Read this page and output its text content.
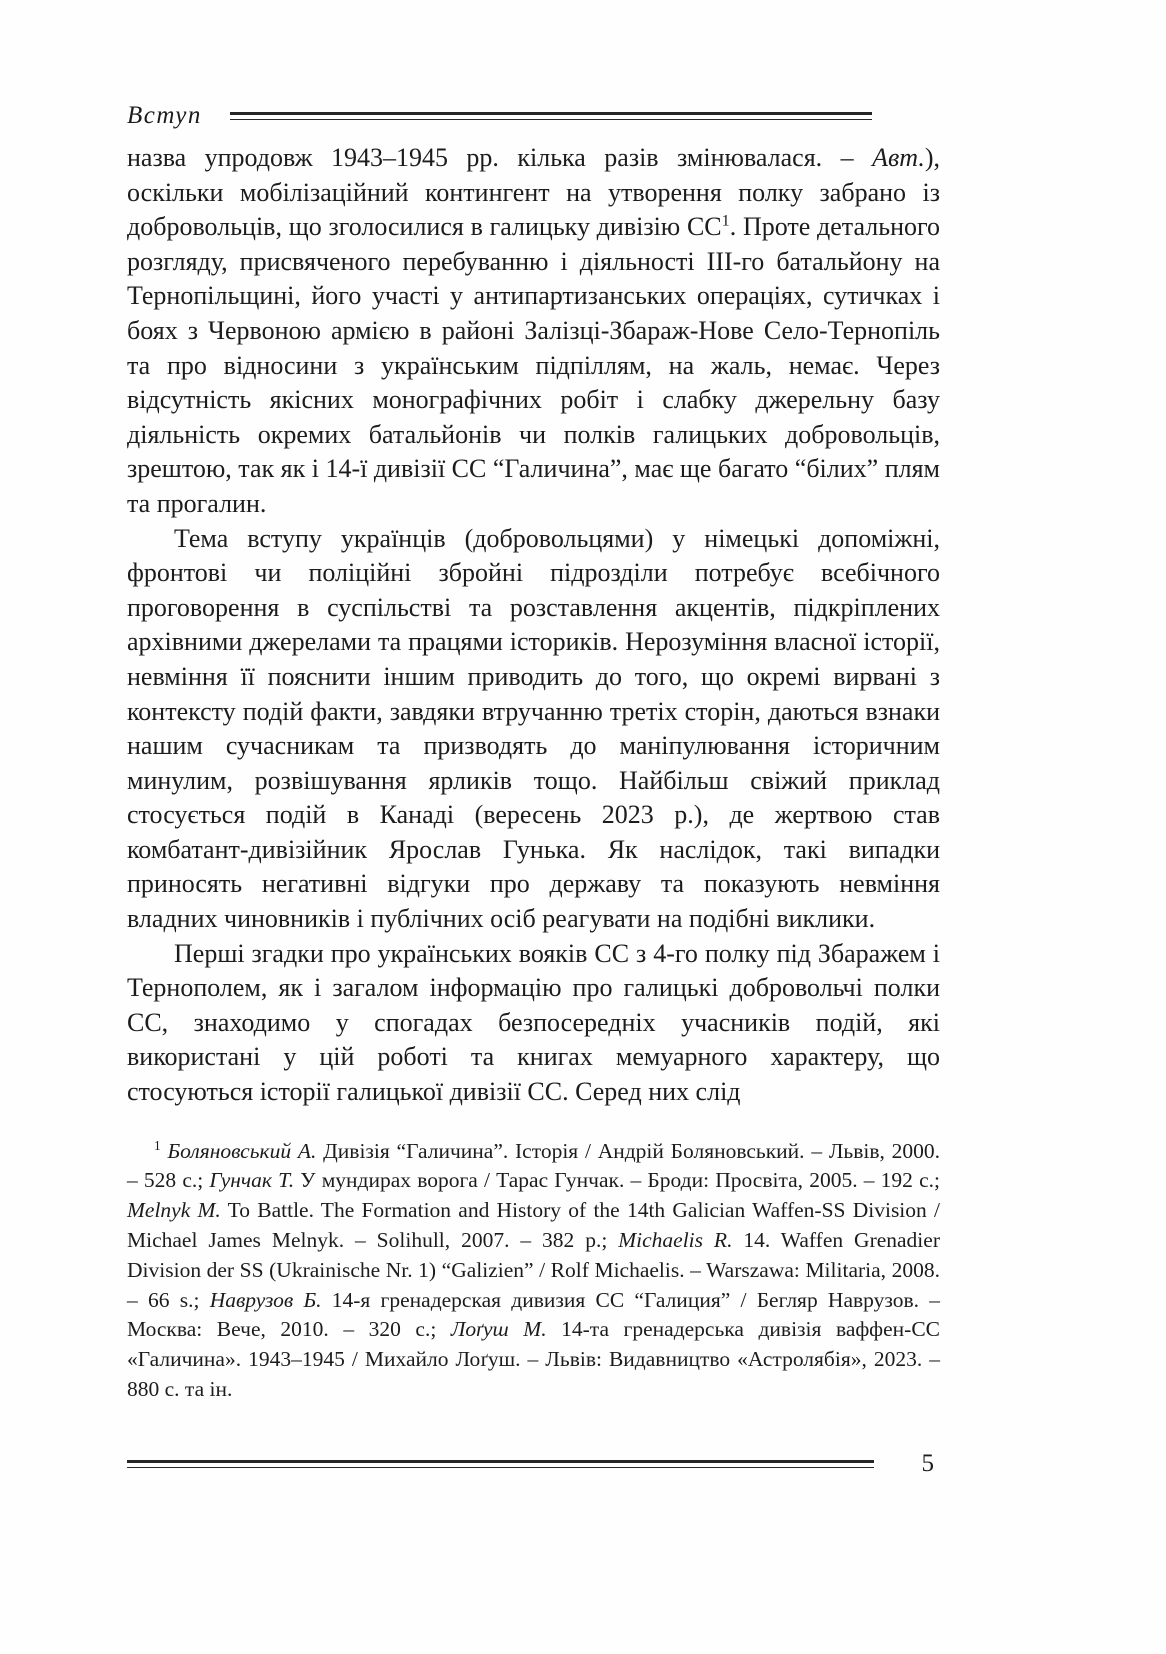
Вступ

назва упродовж 1943–1945 рр. кілька разів змінювалася. – Авт.), оскільки мобілізаційний контингент на утворення полку забрано із добровольців, що зголосилися в галицьку дивізію $СС^1$. Проте детального розгляду, присвяченого перебуванню і діяльності ІІІ-го батальйону на Тернопільщині, його участі у антипартизанських операціях, сутичках і боях з Червоною армією в районі Залізці-Збараж-Нове Село-Тернопіль та про відносини з українським підпіллям, на жаль, немає. Через відсутність якісних монографічних робіт і слабку джерельну базу діяльність окремих батальйонів чи полків галицьких добровольців, зрештою, так як і 14-ї дивізії СС “Галичина”, має ще багато “білих” плям та прогалин.

Тема вступу українців (добровольцями) у німецькі допоміжні, фронтові чи поліційні збройні підрозділи потребує всебічного проговорення в суспільстві та розставлення акцентів, підкріплених архівними джерелами та працями істориків. Нерозуміння власної історії, невміння її пояснити іншим приводить до того, що окремі вирвані з контексту подій факти, завдяки втручанню третіх сторін, даються взнаки нашим сучасникам та призводять до маніпулювання історичним минулим, розвішування ярликів тощо. Найбільш свіжий приклад стосується подій в Канаді (вересень 2023 р.), де жертвою став комбатант-дивізійник Ярослав Гунька. Як наслідок, такі випадки приносять негативні відгуки про державу та показують невміння владних чиновників і публічних осіб реагувати на подібні виклики.

Перші згадки про українських вояків СС з 4-го полку під Збаражем і Тернополем, як і загалом інформацію про галицькі добровольчі полки СС, знаходимо у спогадах безпосередніх учасників подій, які використані у цій роботі та книгах мемуарного характеру, що стосуються історії галицької дивізії СС. Серед них слід

$^1$ Боляновський А. Дивізія “Галичина”. Історія / Андрій Боляновський. – Львів, 2000. – 528 с.; Гунчак Т. У мундирах ворога / Тарас Гунчак. – Броди: Просвіта, 2005. – 192 с.; Melnyk M. To Battle. The Formation and History of the 14th Galician Waffen-SS Division / Michael James Melnyk. – Solihull, 2007. – 382 p.; Michaelis R. 14. Waffen Grenadier Division der SS (Ukrainische Nr. 1) “Galizien” / Rolf Michaelis. – Warszawa: Militaria, 2008. – 66 s.; Наврузов Б. 14-я гренадерская дивизия СС “Галиция” / Бегляр Наврузов. – Москва: Вече, 2010. – 320 с.; Лоґуш М. 14-та гренадерська дивізія ваффен-СС «Галичина». 1943–1945 / Михайло Лоґуш. – Львів: Видавництво «Астролябія», 2023. – 880 с. та ін.

5
